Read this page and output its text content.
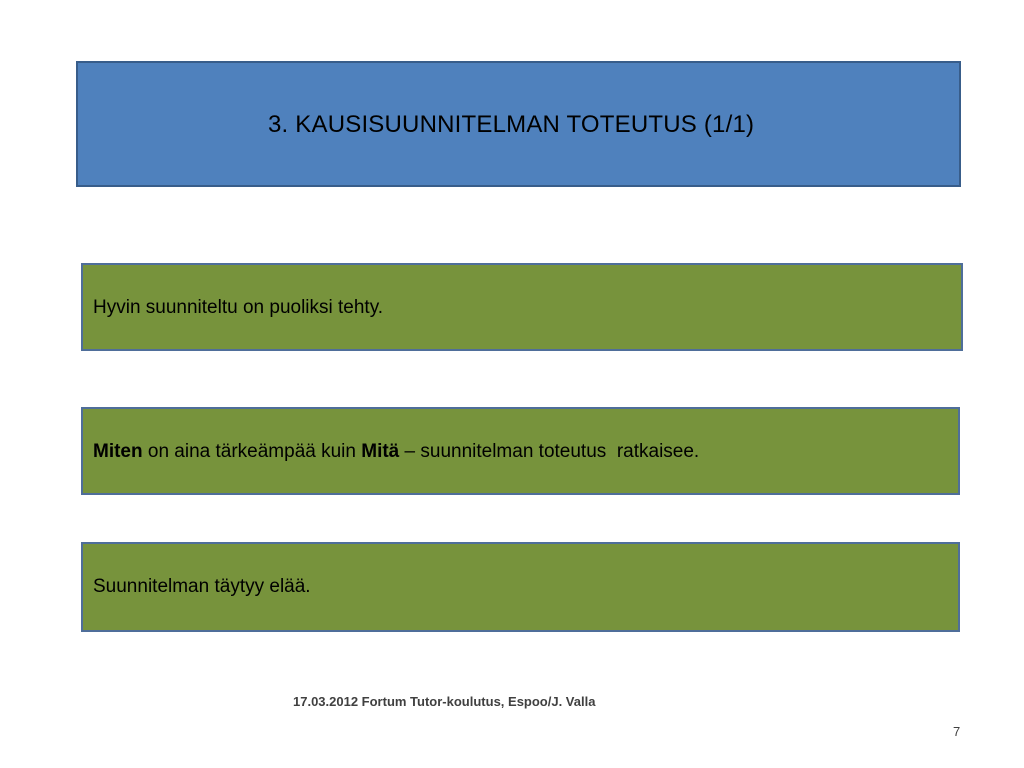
3. KAUSISUUNNITELMAN TOTEUTUS (1/1)
Hyvin suunniteltu on puoliksi tehty.
Miten on aina tärkeämpää kuin Mitä – suunnitelman toteutus  ratkaisee.
Suunnitelman täytyy elää.
17.03.2012 Fortum Tutor-koulutus, Espoo/J. Valla
7
